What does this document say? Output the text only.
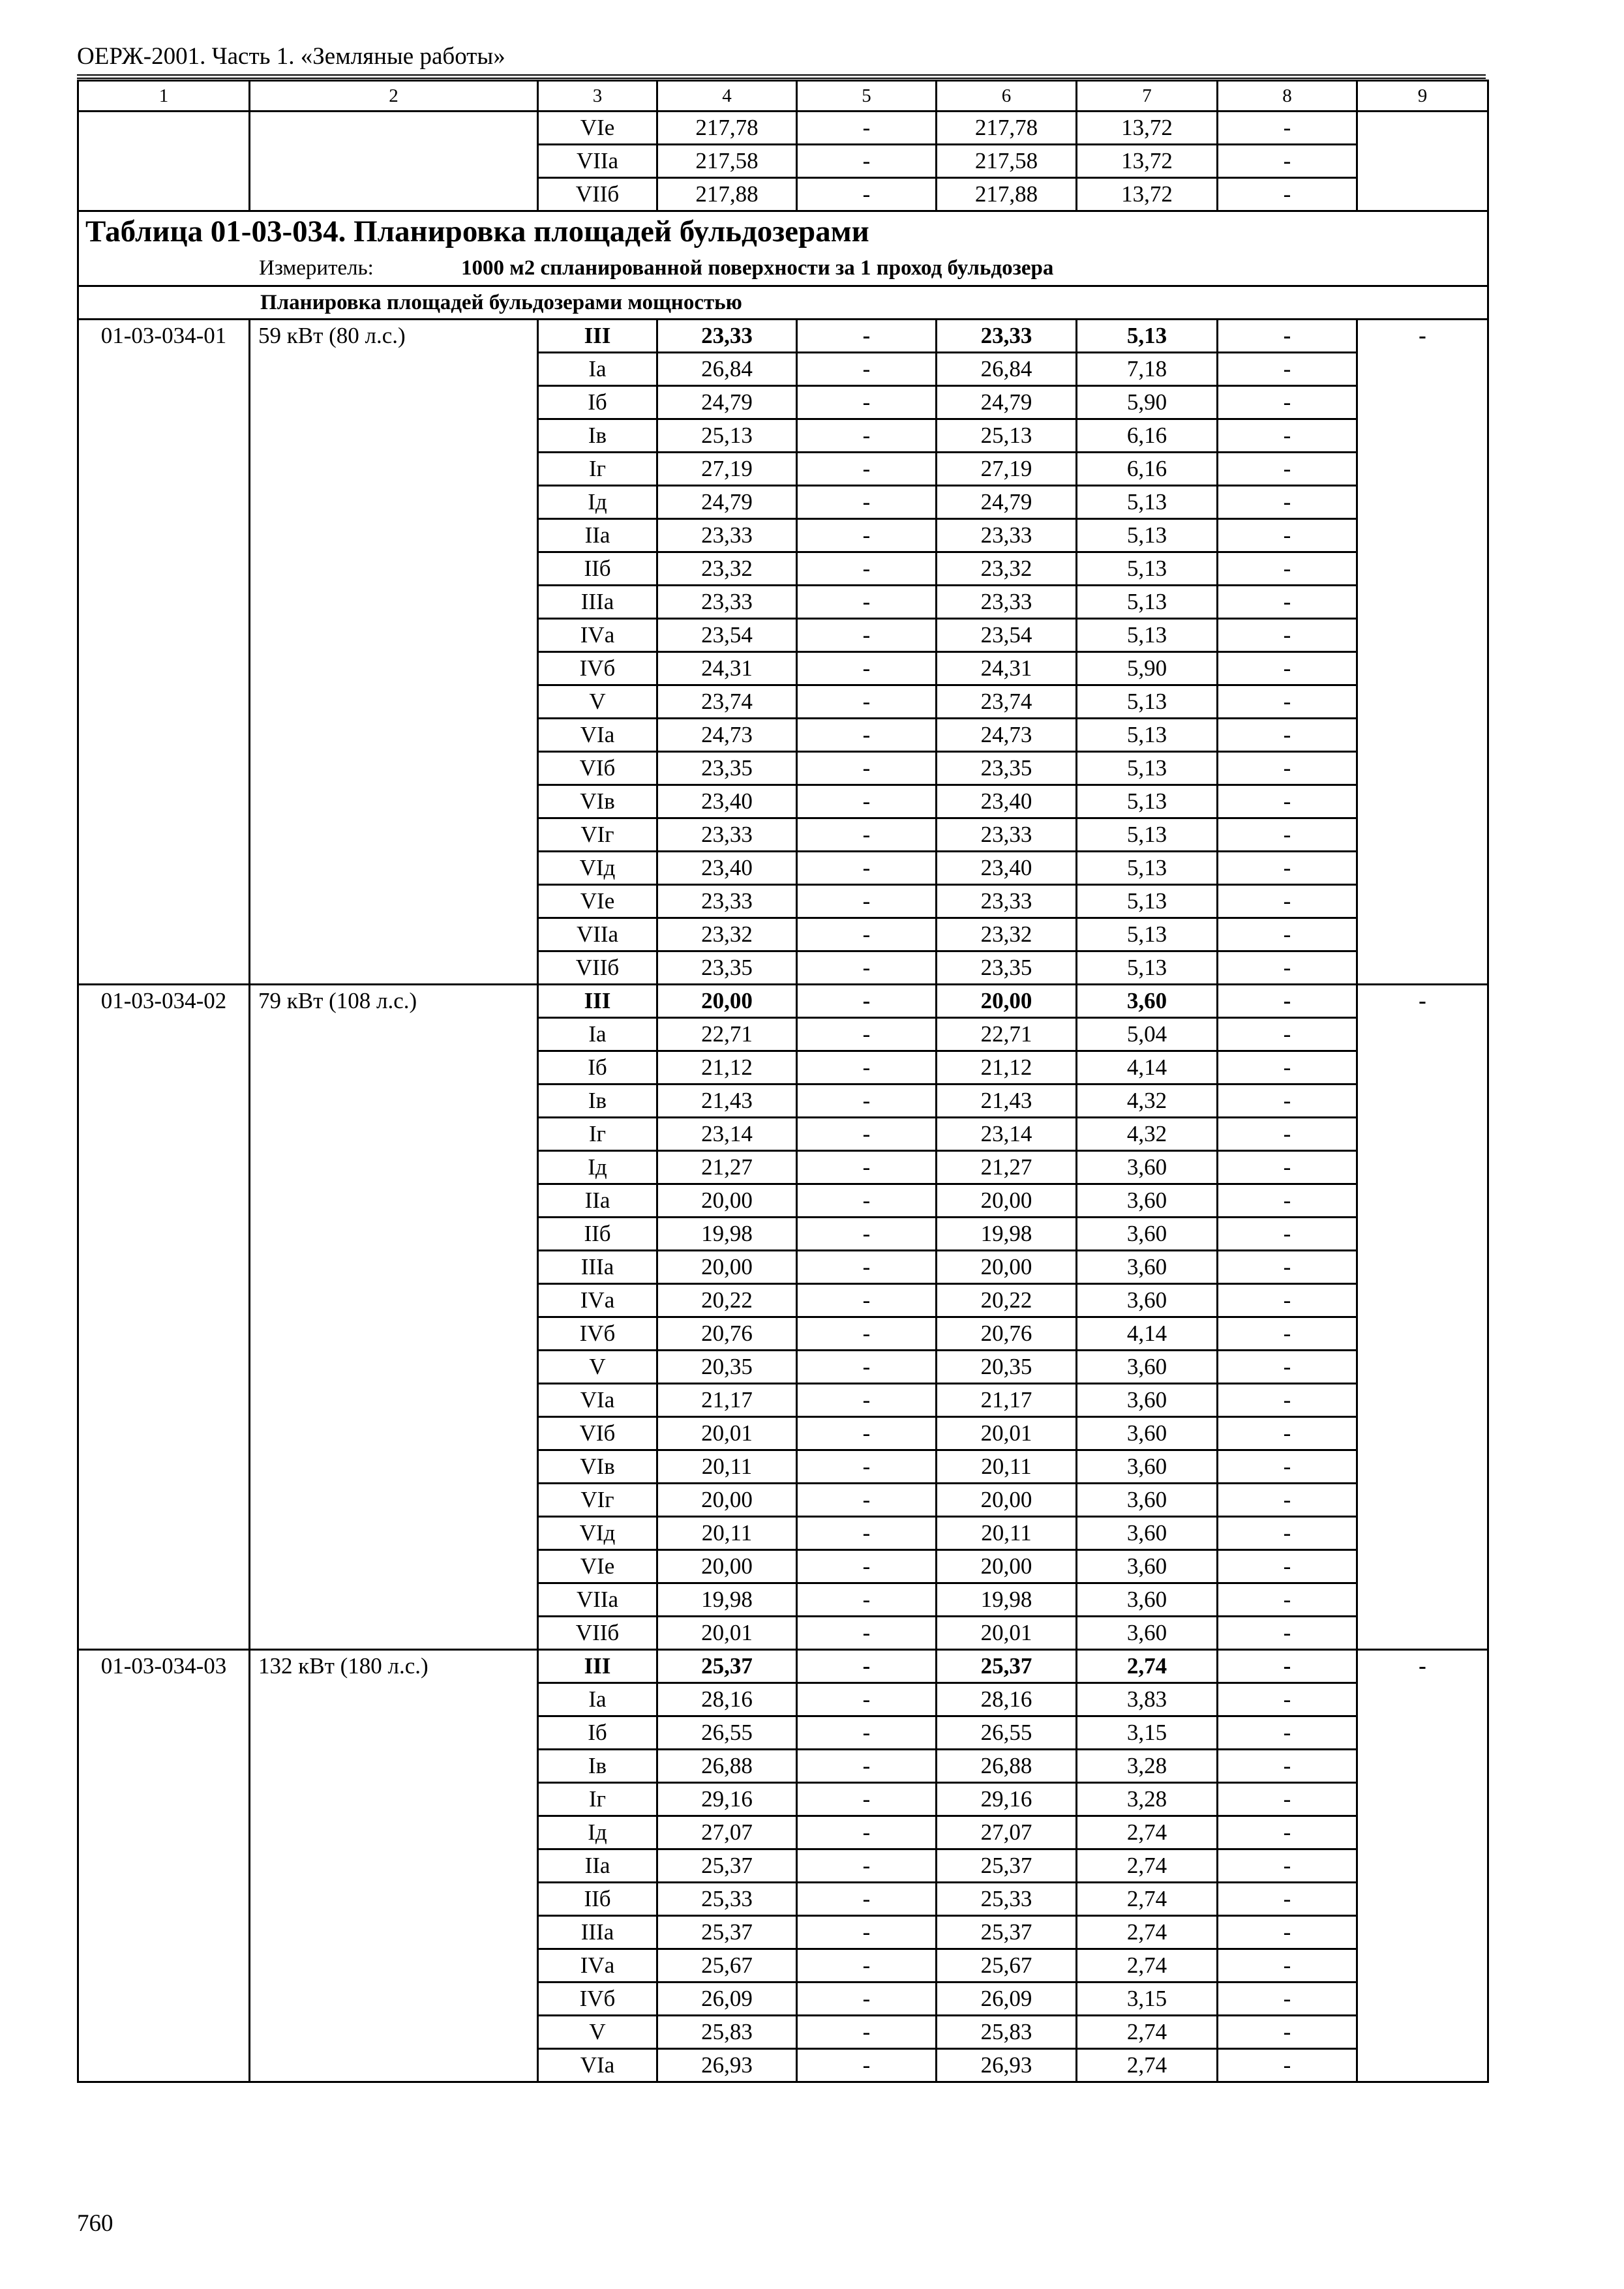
ОЕРЖ-2001. Часть 1. «Земляные работы»
1	2	3	4	5	6	7	8	9
		VIе	217,78	-	217,78	13,72	-	
		VIIа	217,58	-	217,58	13,72	-	
		VIIб	217,88	-	217,88	13,72	-	
Таблица 01-03-034. Планировка площадей бульдозерами								
Измеритель: 1000 м2 спланированной поверхности за 1 проход бульдозера								
Планировка площадей бульдозерами мощностью								
01-03-034-01	59 кВт (80 л.с.)	III	23,33	-	23,33	5,13	-	-
		Iа	26,84	-	26,84	7,18	-	
		Iб	24,79	-	24,79	5,90	-	
		Iв	25,13	-	25,13	6,16	-	
		Iг	27,19	-	27,19	6,16	-	
		Iд	24,79	-	24,79	5,13	-	
		IIа	23,33	-	23,33	5,13	-	
		IIб	23,32	-	23,32	5,13	-	
		IIIа	23,33	-	23,33	5,13	-	
		IVа	23,54	-	23,54	5,13	-	
		IVб	24,31	-	24,31	5,90	-	
		V	23,74	-	23,74	5,13	-	
		VIа	24,73	-	24,73	5,13	-	
		VIб	23,35	-	23,35	5,13	-	
		VIв	23,40	-	23,40	5,13	-	
		VIг	23,33	-	23,33	5,13	-	
		VIд	23,40	-	23,40	5,13	-	
		VIе	23,33	-	23,33	5,13	-	
		VIIа	23,32	-	23,32	5,13	-	
		VIIб	23,35	-	23,35	5,13	-	
01-03-034-02	79 кВт (108 л.с.)	III	20,00	-	20,00	3,60	-	-
		Iа	22,71	-	22,71	5,04	-	
		Iб	21,12	-	21,12	4,14	-	
		Iв	21,43	-	21,43	4,32	-	
		Iг	23,14	-	23,14	4,32	-	
		Iд	21,27	-	21,27	3,60	-	
		IIа	20,00	-	20,00	3,60	-	
		IIб	19,98	-	19,98	3,60	-	
		IIIа	20,00	-	20,00	3,60	-	
		IVа	20,22	-	20,22	3,60	-	
		IVб	20,76	-	20,76	4,14	-	
		V	20,35	-	20,35	3,60	-	
		VIа	21,17	-	21,17	3,60	-	
		VIб	20,01	-	20,01	3,60	-	
		VIв	20,11	-	20,11	3,60	-	
		VIг	20,00	-	20,00	3,60	-	
		VIд	20,11	-	20,11	3,60	-	
		VIе	20,00	-	20,00	3,60	-	
		VIIа	19,98	-	19,98	3,60	-	
		VIIб	20,01	-	20,01	3,60	-	
01-03-034-03	132 кВт (180 л.с.)	III	25,37	-	25,37	2,74	-	-
		Iа	28,16	-	28,16	3,83	-	
		Iб	26,55	-	26,55	3,15	-	
		Iв	26,88	-	26,88	3,28	-	
		Iг	29,16	-	29,16	3,28	-	
		Iд	27,07	-	27,07	2,74	-	
		IIа	25,37	-	25,37	2,74	-	
		IIб	25,33	-	25,33	2,74	-	
		IIIа	25,37	-	25,37	2,74	-	
		IVа	25,67	-	25,67	2,74	-	
		IVб	26,09	-	26,09	3,15	-	
		V	25,83	-	25,83	2,74	-	
		VIа	26,93	-	26,93	2,74	-	
760
